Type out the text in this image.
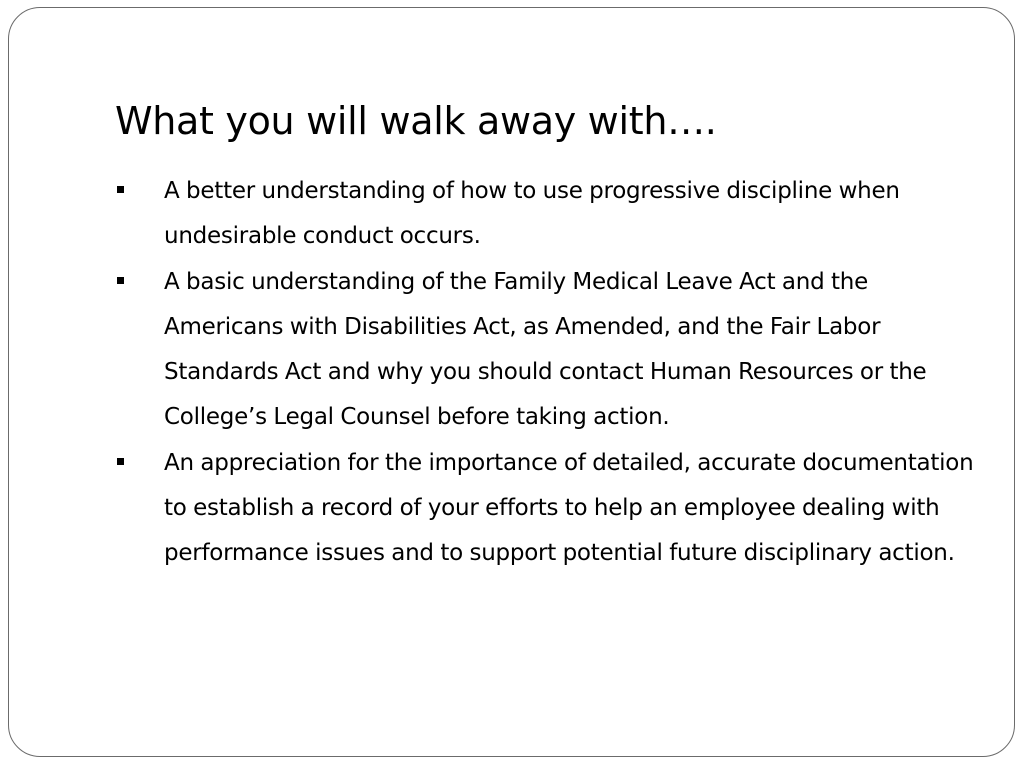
What you will walk away with….
A better understanding of how to use progressive discipline when undesirable conduct occurs.
A basic understanding of the Family Medical Leave Act and the Americans with Disabilities Act, as Amended, and the Fair Labor Standards Act and why you should contact Human Resources or the College’s Legal Counsel before taking action.
An appreciation for the importance of detailed, accurate documentation to establish a record of your efforts to help an employee dealing with performance issues and to support potential future disciplinary action.
